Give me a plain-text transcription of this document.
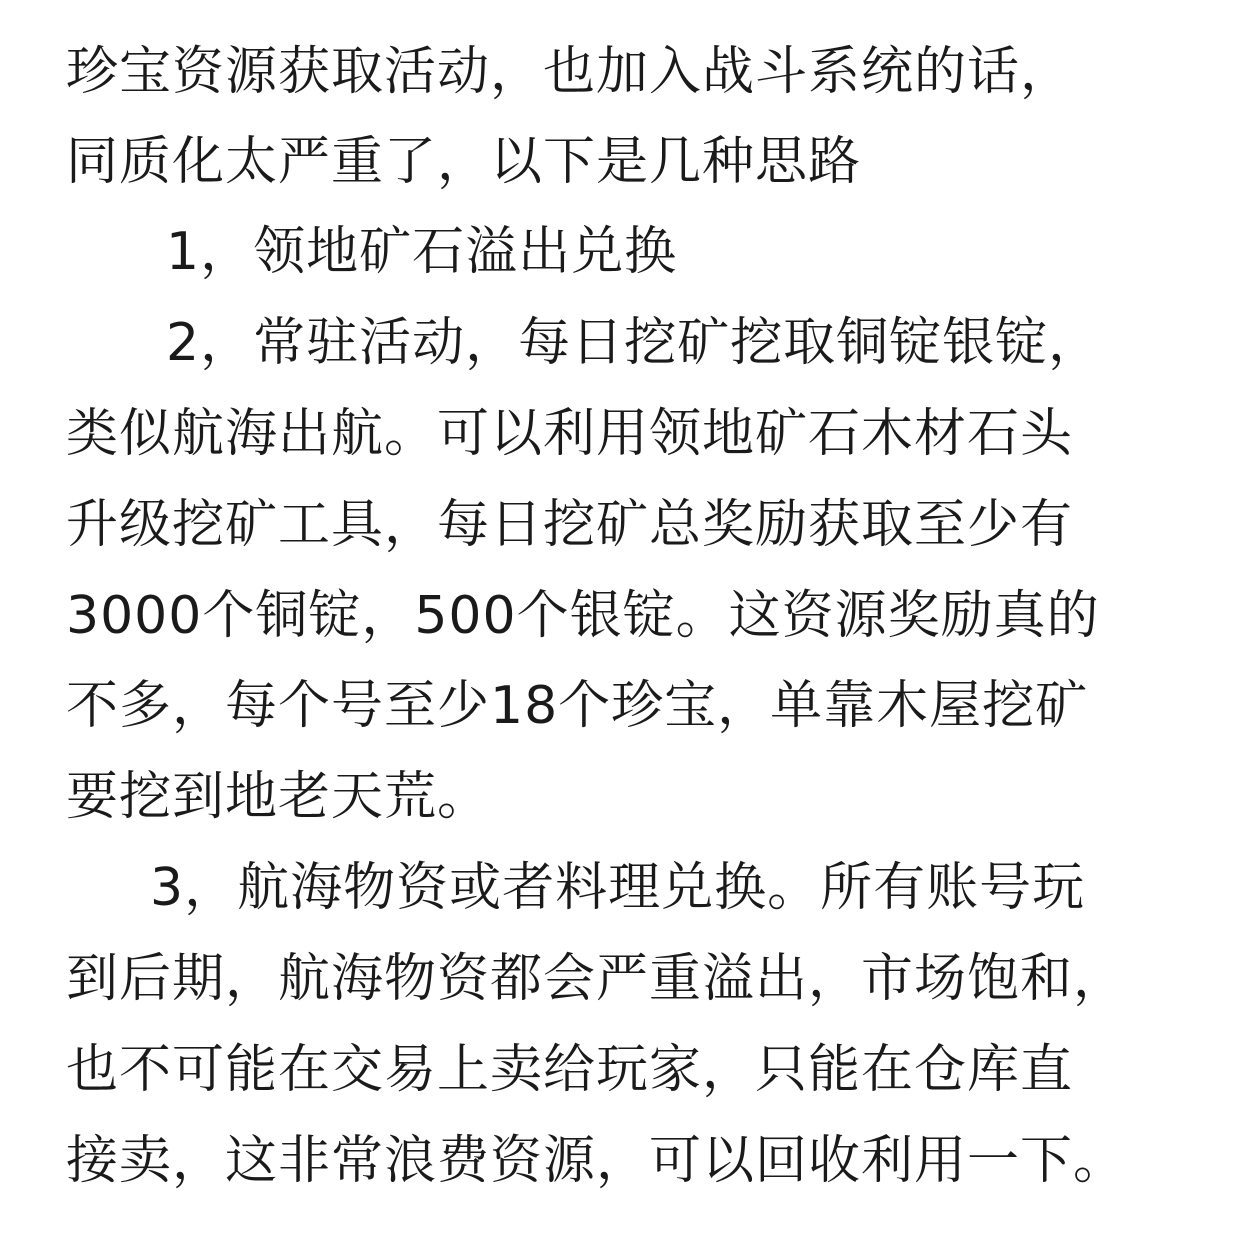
珍宝资源获取活动，也加入战斗系统的话，
同质化太严重了，以下是几种思路
1，领地矿石溢出兑换
2，常驻活动，每日挖矿挖取铜锭银锭，
类似航海出航。可以利用领地矿石木材石头
升级挖矿工具，每日挖矿总奖励获取至少有
3000个铜锭，500个银锭。这资源奖励真的
不多，每个号至少18个珍宝，单靠木屋挖矿
要挖到地老天荒。
3，航海物资或者料理兑换。所有账号玩
到后期，航海物资都会严重溢出，市场饱和，
也不可能在交易上卖给玩家，只能在仓库直
接卖，这非常浪费资源，可以回收利用一下。
